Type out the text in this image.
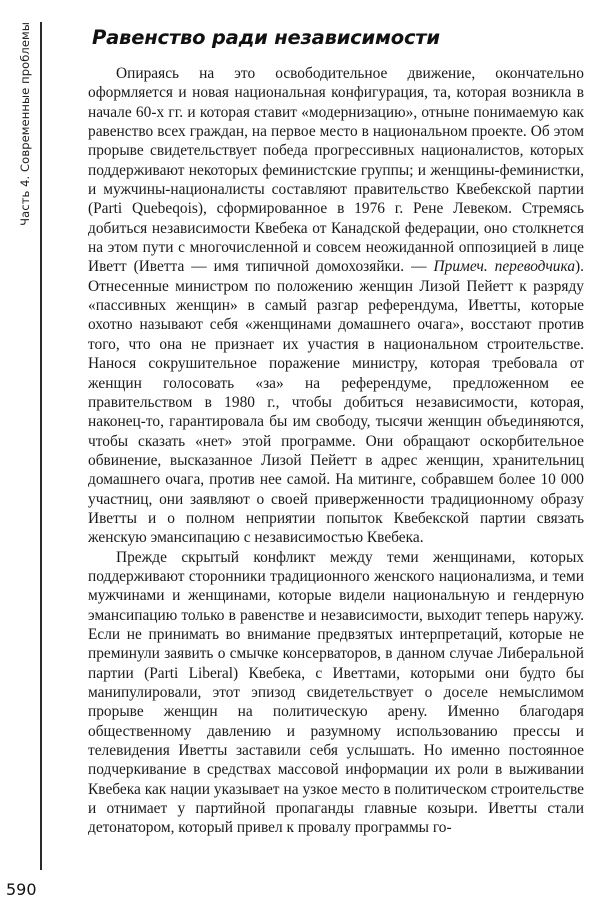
Часть 4. Современные проблемы	Равенство ради независимости

Опираясь на это освободительное движение, окончательно оформляется и новая национальная конфигурация, та, которая возникла в начале 60-х гг. и которая ставит «модернизацию», отныне понимаемую как равенство всех граждан, на первое место в национальном проекте. Об этом прорыве свидетельствует победа прогрессивных националистов, которых поддерживают некоторых феминистские группы; и женщины-феминистки, и мужчины-националисты составляют правительство Квебекской партии (Parti Quebeqois), сформированное в 1976 г. Рене Левеком. Стремясь добиться независимости Квебека от Канадской федерации, оно столкнется на этом пути с многочисленной и совсем неожиданной оппозицией в лице Иветт (Иветта — имя типичной домохозяйки. — Примеч. переводчика). Отнесенные министром по положению женщин Лизой Пейетт к разряду «пассивных женщин» в самый разгар референдума, Иветты, которые охотно называют себя «женщинами домашнего очага», восстают против того, что она не признает их участия в национальном строительстве. Нанося сокрушительное поражение министру, которая требовала от женщин голосовать «за» на референдуме, предложенном ее правительством в 1980 г., чтобы добиться независимости, которая, наконец-то, гарантировала бы им свободу, тысячи женщин объединяются, чтобы сказать «нет» этой программе. Они обращают оскорбительное обвинение, высказанное Лизой Пейетт в адрес женщин, хранительниц домашнего очага, против нее самой. На митинге, собравшем более 10 000 участниц, они заявляют о своей приверженности традиционному образу Иветты и о полном неприятии попыток Квебекской партии связать женскую эмансипацию с независимостью Квебека.

Прежде скрытый конфликт между теми женщинами, которых поддерживают сторонники традиционного женского национализма, и теми мужчинами и женщинами, которые видели национальную и гендерную эмансипацию только в равенстве и независимости, выходит теперь наружу. Если не принимать во внимание предвзятых интерпретаций, которые не преминули заявить о смычке консерваторов, в данном случае Либеральной партии (Parti Liberal) Квебека, с Иветтами, которыми они будто бы манипулировали, этот эпизод свидетельствует о доселе немыслимом прорыве женщин на политическую арену. Именно благодаря общественному давлению и разумному использованию прессы и телевидения Иветты заставили себя услышать. Но именно постоянное подчеркивание в средствах массовой информации их роли в выживании Квебека как нации указывает на узкое место в политическом строительстве и отнимает у партийной пропаганды главные козыри. Иветты стали детонатором, который привел к провалу программы го-

590
